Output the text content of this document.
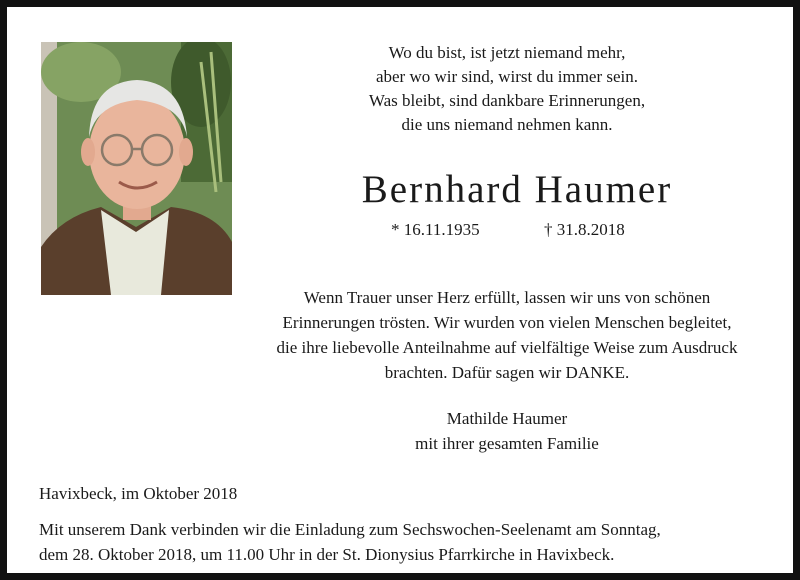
Wo du bist, ist jetzt niemand mehr,
aber wo wir sind, wirst du immer sein.
Was bleibt, sind dankbare Erinnerungen,
die uns niemand nehmen kann.
Bernhard Haumer
* 16.11.1935	† 31.8.2018
Wenn Trauer unser Herz erfüllt, lassen wir uns von schönen
Erinnerungen trösten. Wir wurden von vielen Menschen begleitet,
die ihre liebevolle Anteilnahme auf vielfältige Weise zum Ausdruck
brachten. Dafür sagen wir DANKE.
Mathilde Haumer
mit ihrer gesamten Familie
Havixbeck, im Oktober 2018
Mit unserem Dank verbinden wir die Einladung zum Sechswochen-Seelenamt am Sonntag,
dem 28. Oktober 2018, um 11.00 Uhr in der St. Dionysius Pfarrkirche in Havixbeck.
